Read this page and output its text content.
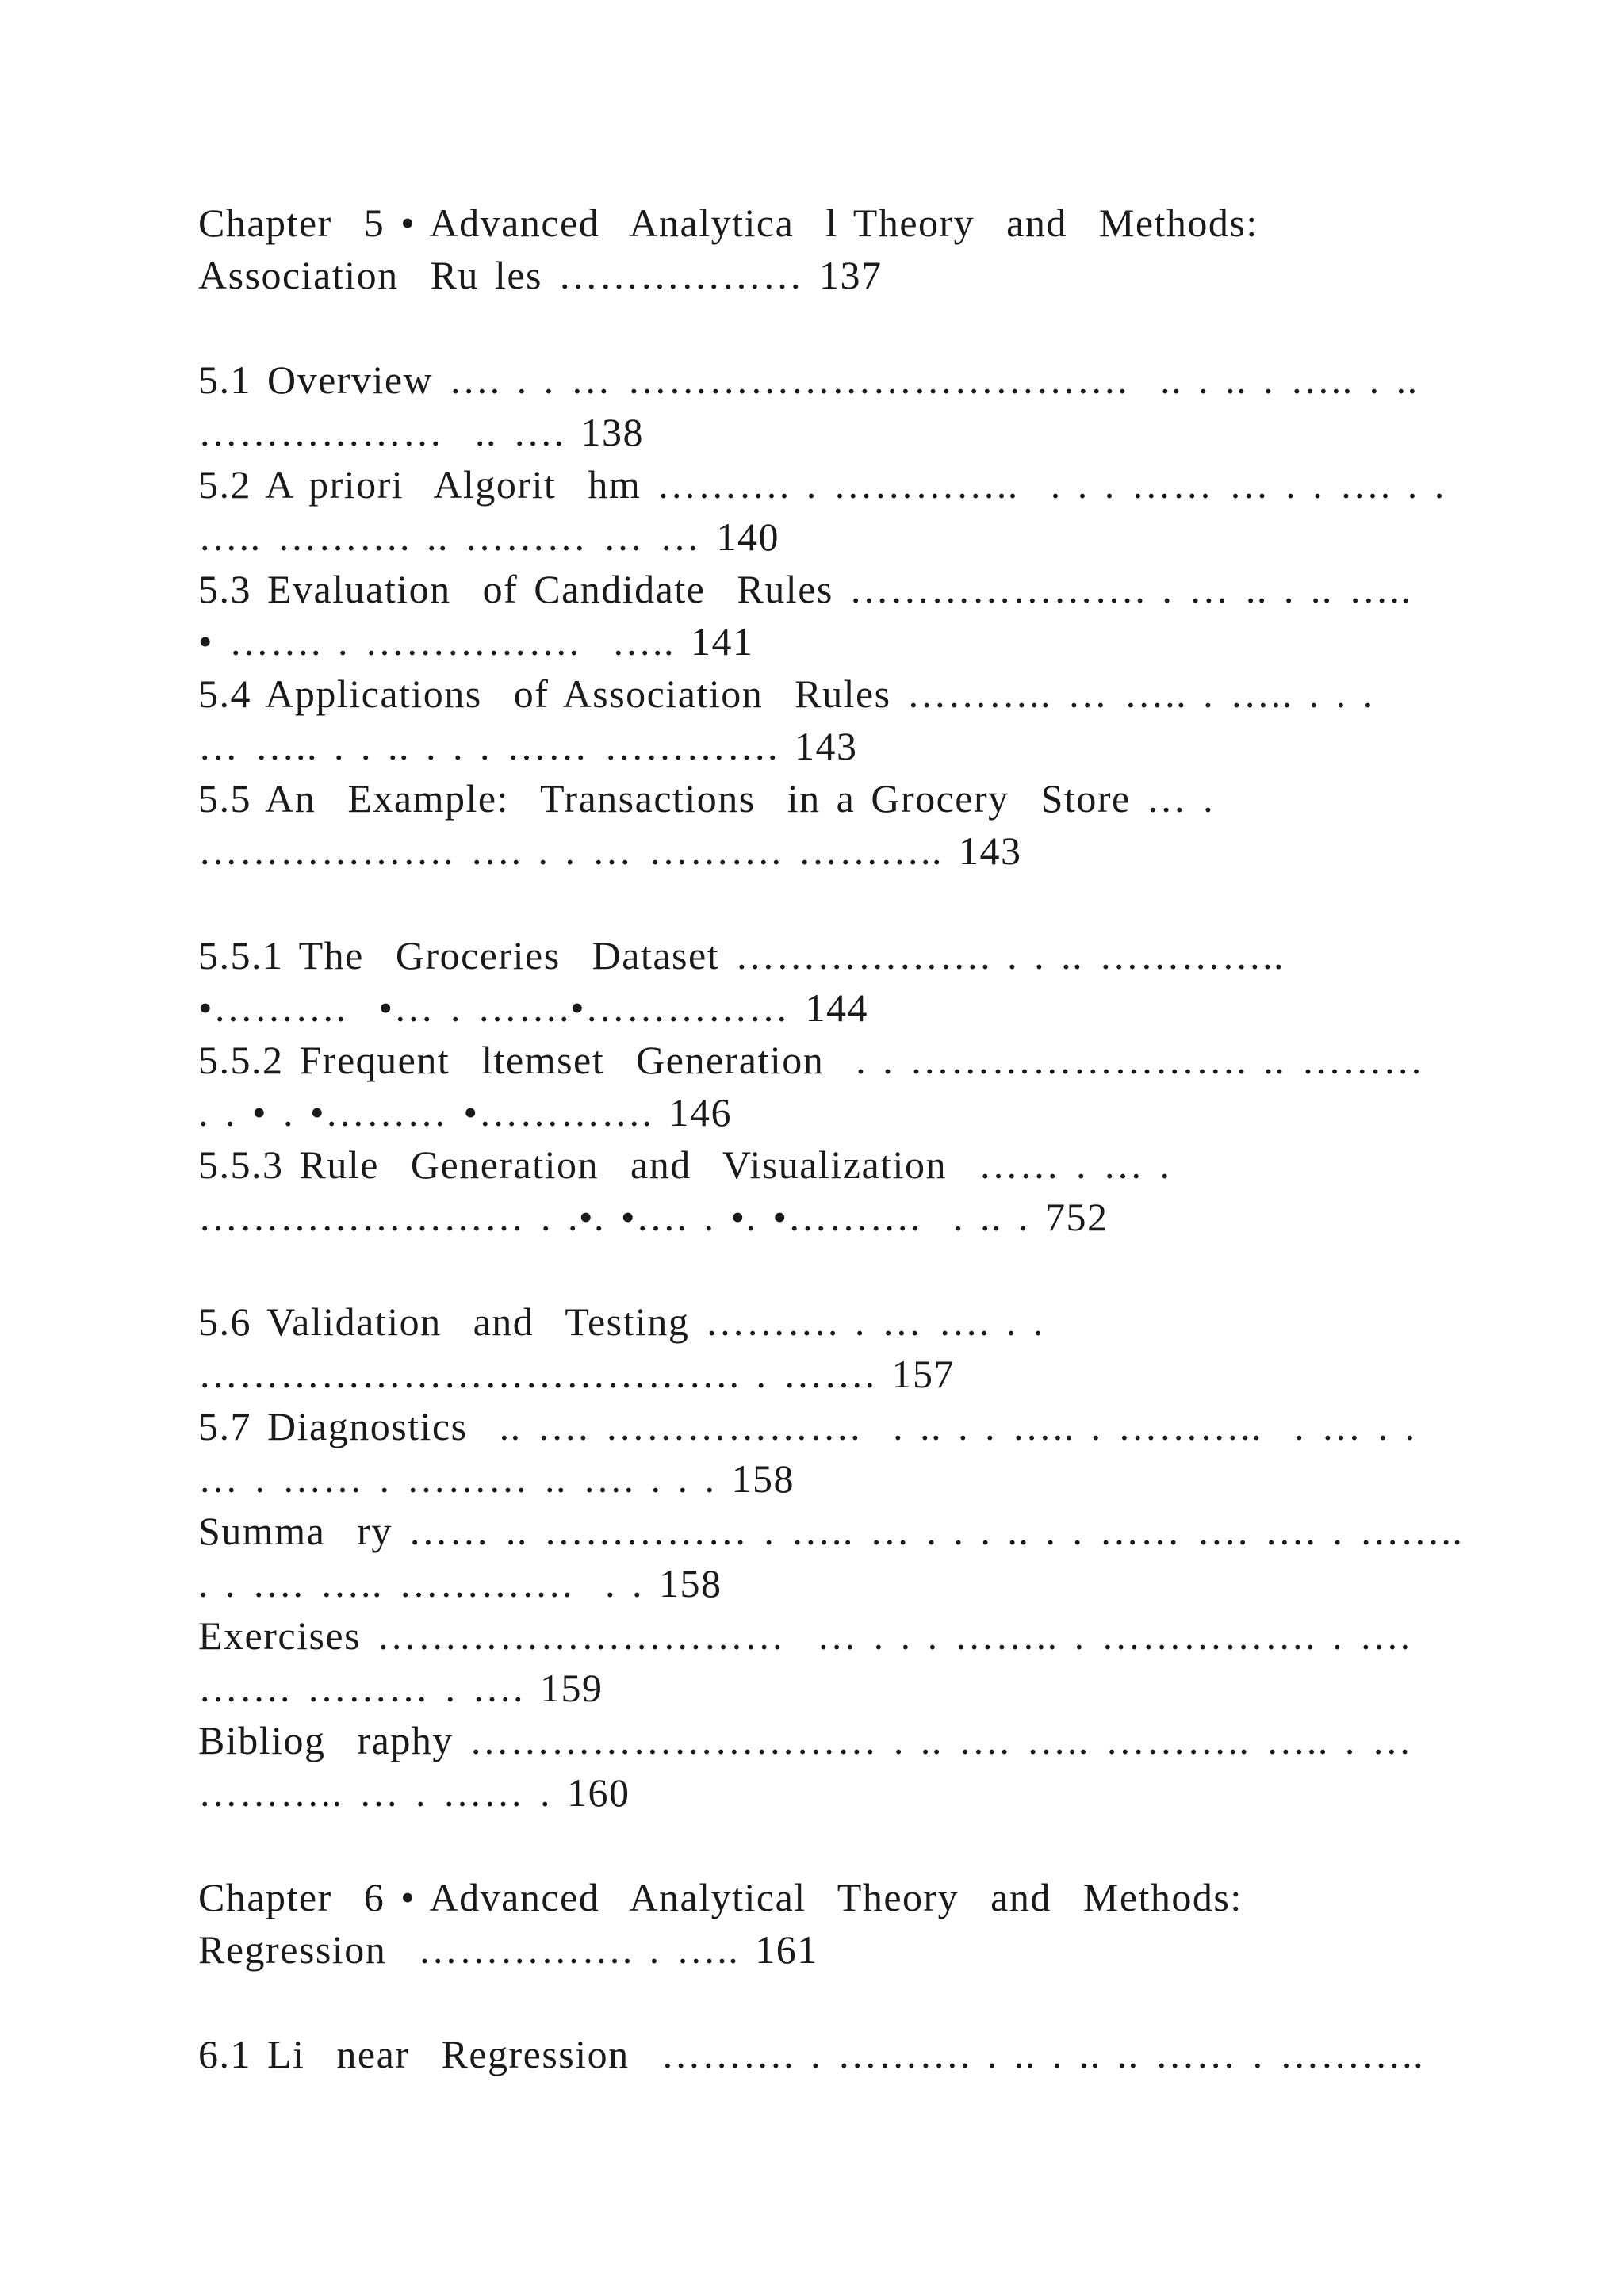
Chapter  5 • Advanced  Analytica  l Theory  and  Methods:
Association  Ru les ……………… 137
5.1 Overview …. . . … ……………………………….  .. . .. . ….. . ..
………………  .. …. 138
5.2 A priori  Algorit  hm ………. . …………..  . . . …… … . . …. . .
….. ………. .. ……… … … 140
5.3 Evaluation  of Candidate  Rules …………………. . … .. . .. …..
• ……. . …………….  ….. 141
5.4 Applications  of Association  Rules ……….. … ….. . ….. . . .
… ….. . . .. . . . …… …………. 143
5.5 An  Example:  Transactions  in a Grocery  Store … .
………………. …. . . … ………. ……….. 143
5.5.1 The  Groceries  Dataset ………………. . . .. …………..
•……….  •… . …….•…………… 144
5.5.2 Frequent  ltemset  Generation  . . ……………………. .. ………
. . • . •……… •…………. 146
5.5.3 Rule  Generation  and  Visualization  …… . … .
…………………… . .•. •…. . •. •……….  . .. . 752
5.6 Validation  and  Testing ………. . … …. . .
…………………………………. . ……. 157
5.7 Diagnostics  .. …. ……………….  . .. . . ….. . ………..  . … . .
… . …… . ……… .. …. . . . 158
Summa  ry …… .. …………… . ….. … . . . .. . . …… …. …. . ……..
. . …. ….. ………….  . . 158
Exercises …………………………  … . . . …….. . ……………. . ….
……. ……… . …. 159
Bibliog  raphy ………………………… . .. …. ….. ……….. ….. . …
……….. … . …… . 160
Chapter  6 • Advanced  Analytical  Theory  and  Methods:
Regression  ……………. . ….. 161
6.1 Li  near  Regression  ………. . ………. . .. . .. .. …… . ………..
